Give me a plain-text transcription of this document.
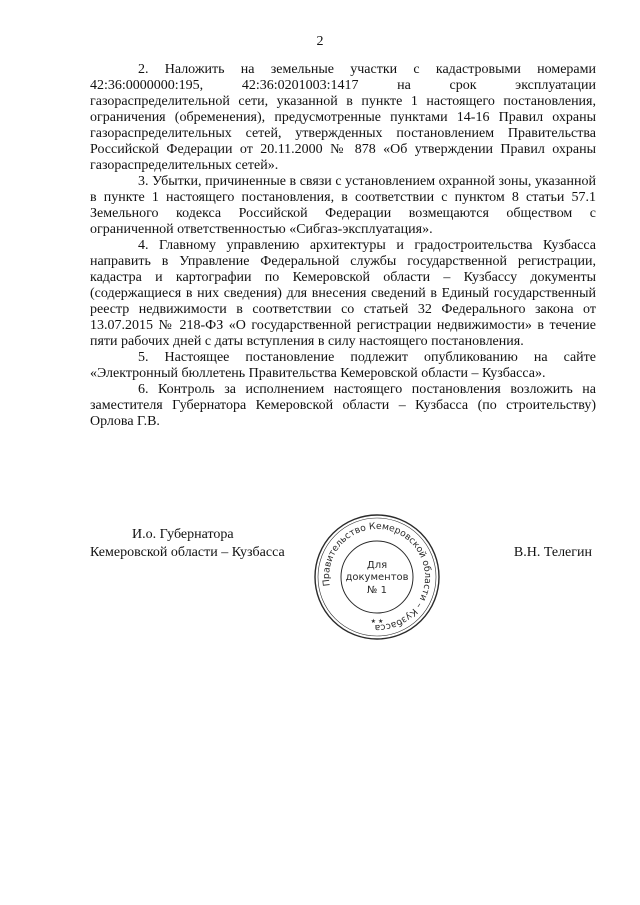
2

2. Наложить на земельные участки с кадастровыми номерами 42:36:0000000:195, 42:36:0201003:1417 на срок эксплуатации газораспределительной сети, указанной в пункте 1 настоящего постановления, ограничения (обременения), предусмотренные пунктами 14-16 Правил охраны газораспределительных сетей, утвержденных постановлением Правительства Российской Федерации от 20.11.2000 № 878 «Об утверждении Правил охраны газораспределительных сетей».

3. Убытки, причиненные в связи с установлением охранной зоны, указанной в пункте 1 настоящего постановления, в соответствии с пунктом 8 статьи 57.1 Земельного кодекса Российской Федерации возмещаются обществом с ограниченной ответственностью «Сибгаз-эксплуатация».

4. Главному управлению архитектуры и градостроительства Кузбасса направить в Управление Федеральной службы государственной регистрации, кадастра и картографии по Кемеровской области – Кузбассу документы (содержащиеся в них сведения) для внесения сведений в Единый государственный реестр недвижимости в соответствии со статьей 32 Федерального закона от 13.07.2015 № 218-ФЗ «О государственной регистрации недвижимости» в течение пяти рабочих дней с даты вступления в силу настоящего постановления.

5. Настоящее постановление подлежит опубликованию на сайте «Электронный бюллетень Правительства Кемеровской области – Кузбасса».

6. Контроль за исполнением настоящего постановления возложить на заместителя Губернатора Кемеровской области – Кузбасса (по строительству) Орлова Г.В.

И.о. Губернатора
Кемеровской области – Кузбасса	В.Н. Телегин
Правительство Кемеровской области – Кузбасса
★ ★
Для
документов
№ 1
